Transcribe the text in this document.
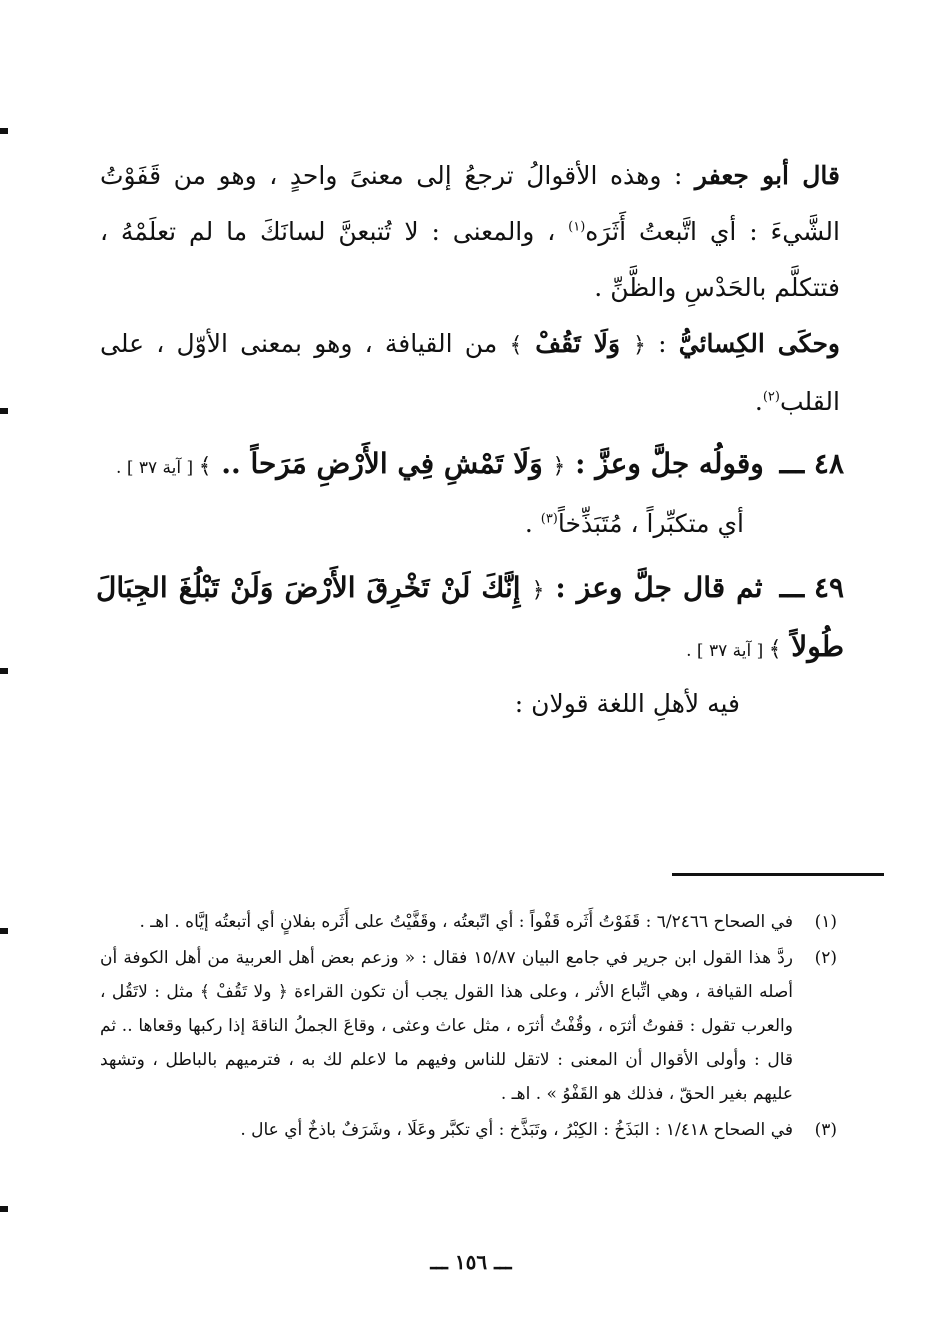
قال أبو جعفر : وهذه الأقوالُ ترجعُ إلى معنىً واحدٍ ، وهو من قَفَوْتُ الشَّيءَ : أي اتَّبعتُ أَثَرَه$^{(١)}$ ، والمعنى : لا تُتبعنَّ لسانَكَ ما لم تعلَمْهُ ، فتتكلَّم بالحَدْسِ والظَّنِّ .

وحكَى الكِسائيُّ : ﴿ وَلَا تَقُفْ ﴾ من القيافة ، وهو بمعنى الأوّل ، على القلب$^{(٢)}$.

٤٨ ـــ وقولُه جلَّ وعزَّ : ﴿ وَلَا تَمْشِ فِي الأَرْضِ مَرَحاً .. ﴾ [ آية ٣٧ ] .

أي متكبِّراً ، مُتَبَذِّخاً$^{(٣)}$ .

٤٩ ـــ ثم قال جلَّ وعز : ﴿ إِنَّكَ لَنْ تَخْرِقَ الأَرْضَ وَلَنْ تَبْلُغَ الجِبَالَ طُولاً ﴾ [ آية ٣٧ ] .

فيه لأهلِ اللغة قولان :

(١)
في الصحاح ٦/٢٤٦٦ : قَفَوْتُ أَثَره قَفْواً : أي اتّبعتُه ، وقَفَّيْتُ على أَثَره بفلانٍ أي أتبعتُه إيَّاه . اهـ .
(٢)
ردَّ هذا القول ابن جرير في جامع البيان ١٥/٨٧ فقال : « وزعم بعض أهل العربية من أهل الكوفة أن أصله القيافة ، وهي اتِّباع الأثر ، وعلى هذا القول يجب أن تكون القراءة ﴿ ولا تَقُفْ ﴾ مثل : لاتَقُل ، والعرب تقول : قفوتُ أثرَه ، وقُفْتُ أثرَه ، مثل عاث وعثى ، وقاعَ الجملُ الناقةَ إذا ركبها وقعاها .. ثم قال : وأولى الأقوال أن المعنى : لاتقل للناس وفيهم ما لاعلم لك به ، فترميهم بالباطل ، وتشهد عليهم بغير الحقّ ، فذلك هو القَفْوُ » . اهـ .
(٣)
في الصحاح ١/٤١٨ : البَذَخُ : الكِبْرُ ، وتَبَذَّخ : أي تكبَّر وعَلَا ، وشَرَفٌ باذخٌ أي عال .
ـــ ١٥٦ ـــ
